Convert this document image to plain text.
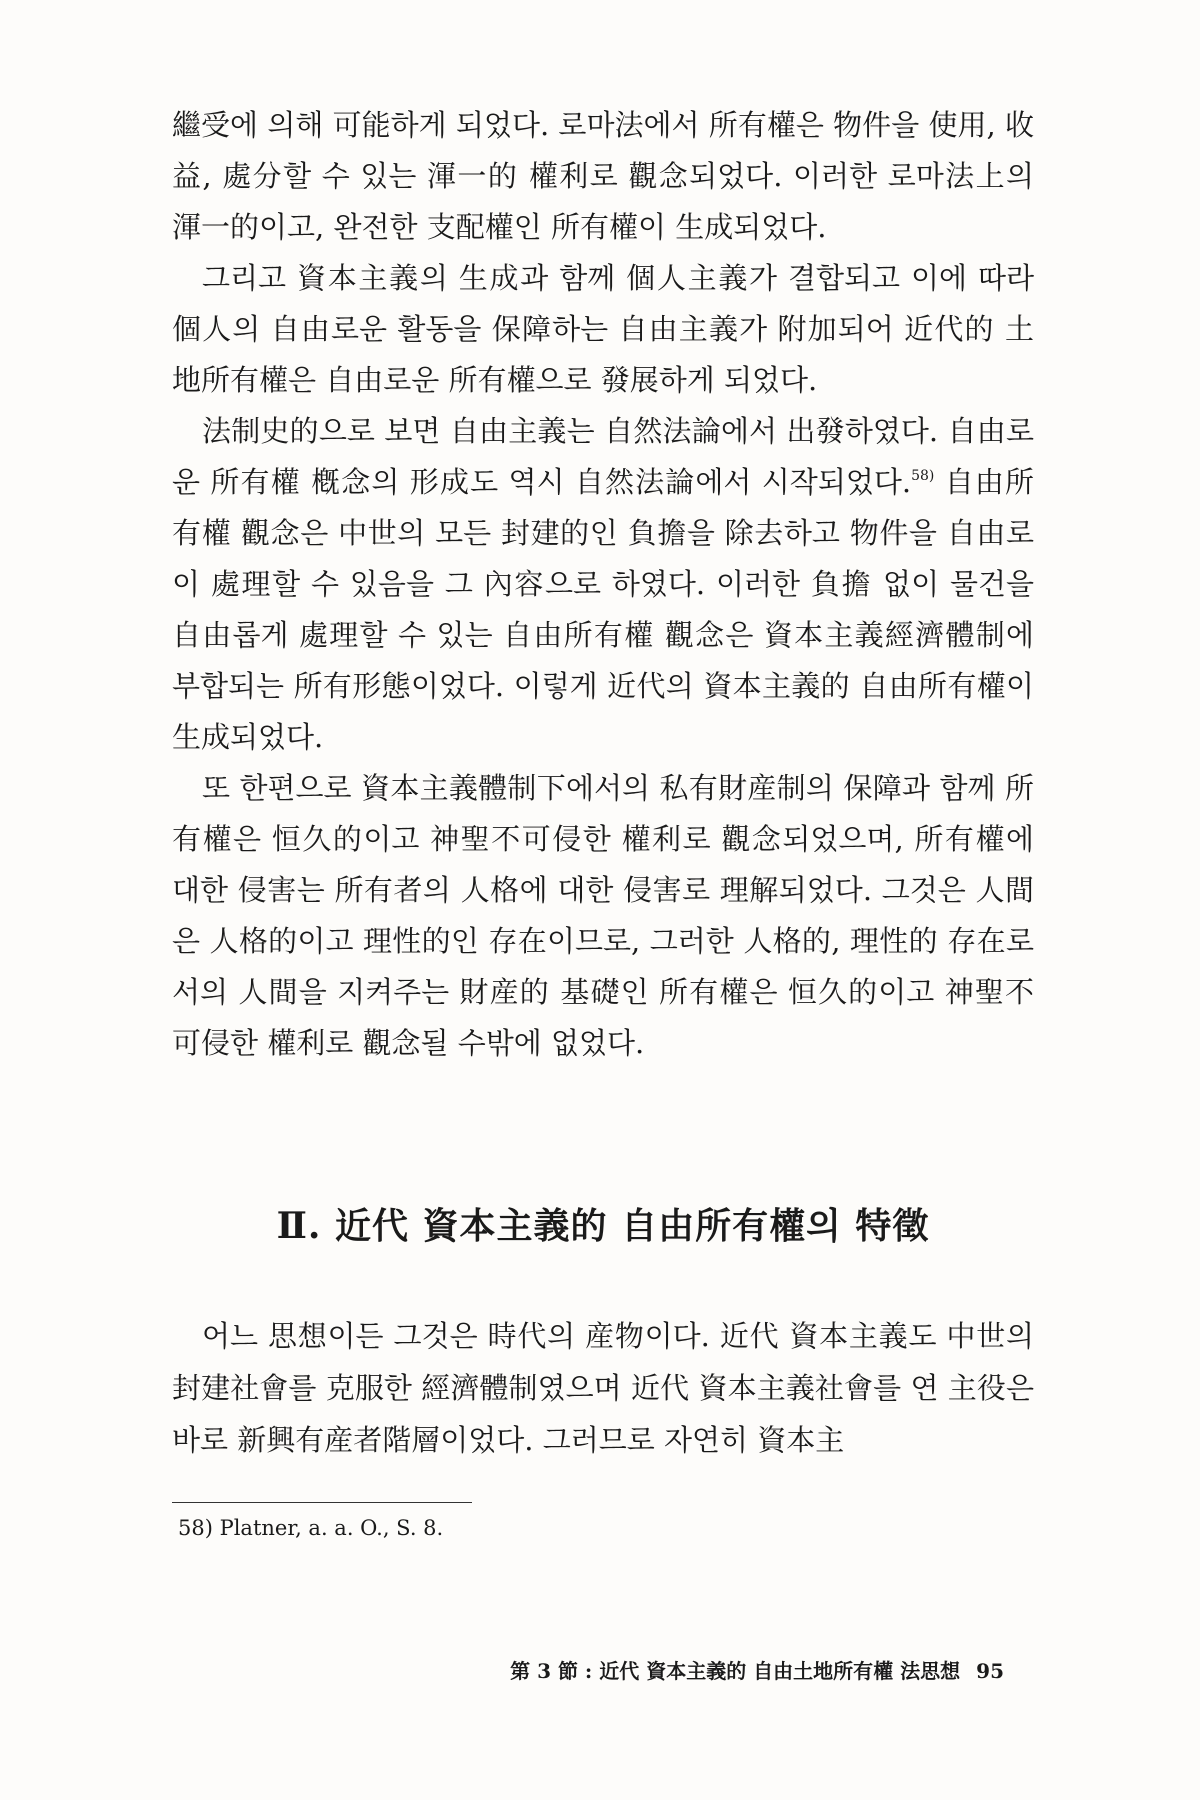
繼受에 의해 可能하게 되었다. 로마法에서 所有權은 物件을 使用, 收益, 處分할 수 있는 渾一的 權利로 觀念되었다. 이러한 로마法上의 渾一的이고, 완전한 支配權인 所有權이 生成되었다.

그리고 資本主義의 生成과 함께 個人主義가 결합되고 이에 따라 個人의 自由로운 활동을 保障하는 自由主義가 附加되어 近代的 土地所有權은 自由로운 所有權으로 發展하게 되었다.

法制史的으로 보면 自由主義는 自然法論에서 出發하였다. 自由로운 所有權 槪念의 形成도 역시 自然法論에서 시작되었다.$^{58)}$ 自由所有權 觀念은 中世의 모든 封建的인 負擔을 除去하고 物件을 自由로이 處理할 수 있음을 그 內容으로 하였다. 이러한 負擔 없이 물건을 自由롭게 處理할 수 있는 自由所有權 觀念은 資本主義經濟體制에 부합되는 所有形態이었다. 이렇게 近代의 資本主義的 自由所有權이 生成되었다.

또 한편으로 資本主義體制下에서의 私有財産制의 保障과 함께 所有權은 恒久的이고 神聖不可侵한 權利로 觀念되었으며, 所有權에 대한 侵害는 所有者의 人格에 대한 侵害로 理解되었다. 그것은 人間은 人格的이고 理性的인 存在이므로, 그러한 人格的, 理性的 存在로서의 人間을 지켜주는 財産的 基礎인 所有權은 恒久的이고 神聖不可侵한 權利로 觀念될 수밖에 없었다.

Ⅱ. 近代 資本主義的 自由所有權의 特徵

어느 思想이든 그것은 時代의 産物이다. 近代 資本主義도 中世의 封建社會를 克服한 經濟體制였으며 近代 資本主義社會를 연 主役은 바로 新興有産者階層이었다. 그러므로 자연히 資本主

58) Platner, a. a. O., S. 8.
第 3 節 : 近代 資本主義的 自由土地所有權 法思想 95
